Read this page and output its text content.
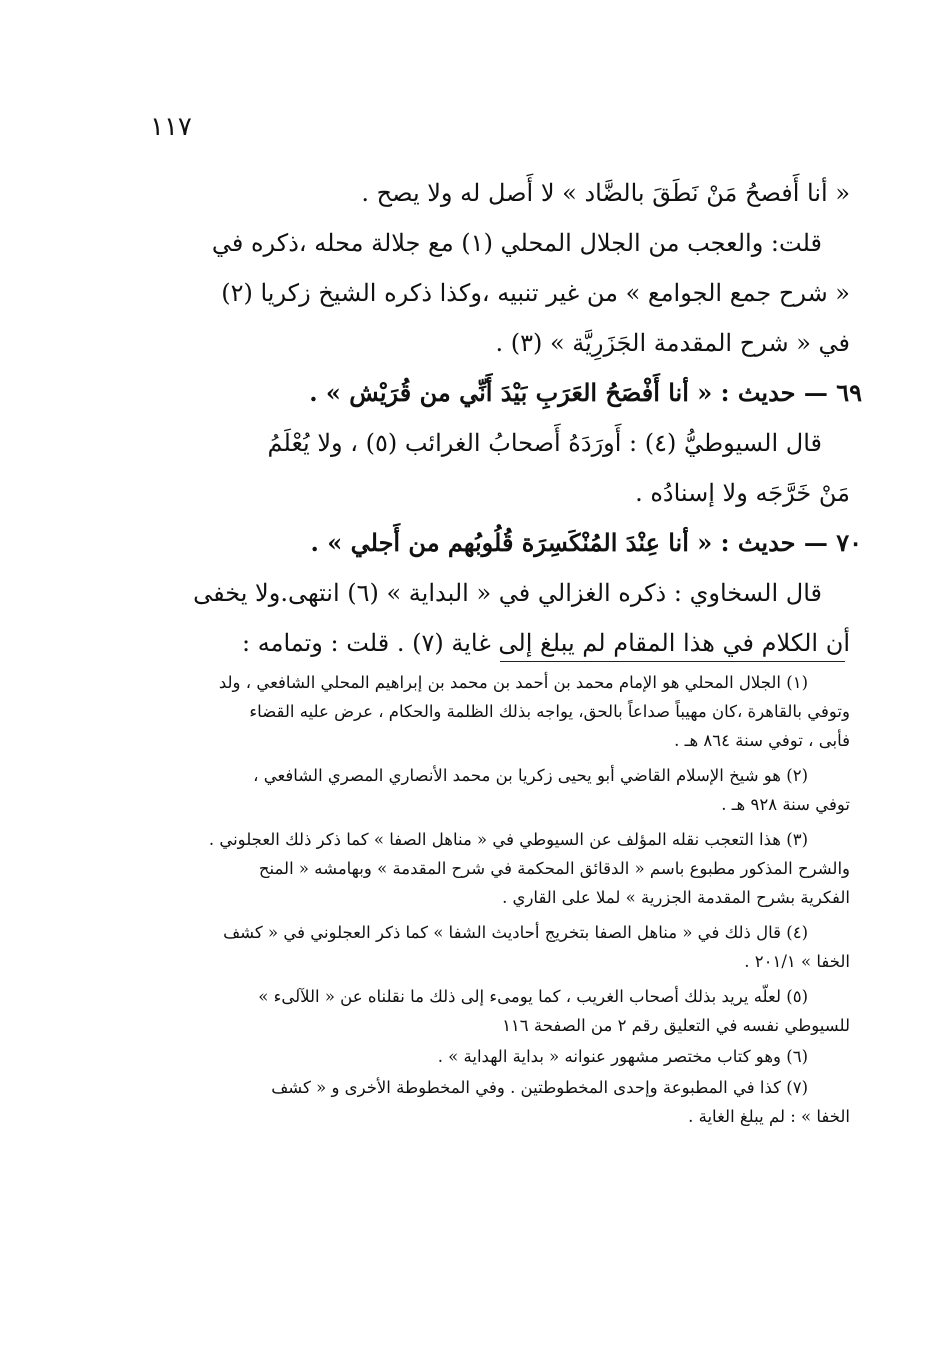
١١٧
« أنا أَفصحُ مَنْ نَطَقَ بالضَّاد » لا أَصل له ولا يصح .
قلت: والعجب من الجلال المحلي (١) مع جلالة محله ،ذكره في
« شرح جمع الجوامع » من غير تنبيه ،وكذا ذكره الشيخ زكريا (٢)
في « شرح المقدمة الجَزَرِيَّة » (٣) .
٦٩ — حديث : « أنا أَفْصَحُ العَرَبِ بَيْدَ أَنِّي من قُرَيْش » .
قال السيوطيُّ (٤) : أَورَدَهُ أَصحابُ الغرائب (٥) ، ولا يُعْلَمُ
مَنْ خَرَّجَه ولا إسنادُه .
٧٠ — حديث : « أنا عِنْدَ المُنْكَسِرَة قُلُوبُهم من أَجلي » .
قال السخاوي : ذكره الغزالي في « البداية » (٦) انتهى.ولا يخفى
أن الكلام في هذا المقام لم يبلغ إلى غاية (٧) . قلت : وتمامه :
(١) الجلال المحلي هو الإمام محمد بن أحمد بن محمد بن إبراهيم المحلي الشافعي ، ولد
وتوفي بالقاهرة ،كان مهيباً صداعاً بالحق، يواجه بذلك الظلمة والحكام ، عرض عليه القضاء
فأبى ، توفي سنة ٨٦٤ هـ .
(٢) هو شيخ الإسلام القاضي أبو يحيى زكريا بن محمد الأنصاري المصري الشافعي ،
توفي سنة ٩٢٨ هـ .
(٣) هذا التعجب نقله المؤلف عن السيوطي في « مناهل الصفا » كما ذكر ذلك العجلوني .
والشرح المذكور مطبوع باسم « الدقائق المحكمة في شرح المقدمة » وبهامشه « المنح
الفكرية بشرح المقدمة الجزرية » لملا على القاري .
(٤) قال ذلك في « مناهل الصفا بتخريج أحاديث الشفا » كما ذكر العجلوني في « كشف
الخفا » ٢٠١/١ .
(٥) لعلّه يريد بذلك أصحاب الغريب ، كما يومىء إلى ذلك ما نقلناه عن « اللآلىء »
للسيوطي نفسه في التعليق رقم ٢ من الصفحة ١١٦
(٦) وهو كتاب مختصر مشهور عنوانه « بداية الهداية » .
(٧) كذا في المطبوعة وإحدى المخطوطتين . وفي المخطوطة الأخرى و « كشف
الخفا » : لم يبلغ الغاية .
